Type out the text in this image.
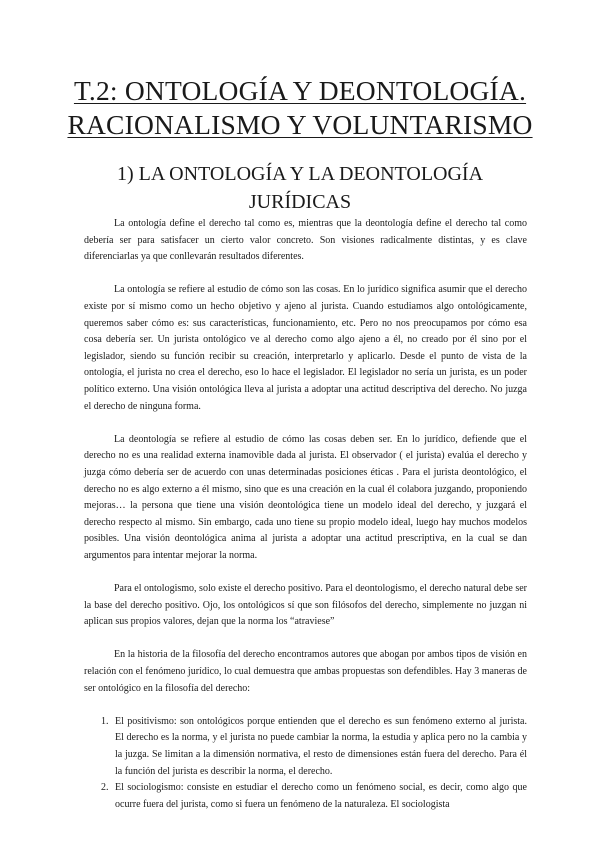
T.2: ONTOLOGÍA Y DEONTOLOGÍA.
RACIONALISMO Y VOLUNTARISMO
1) LA ONTOLOGÍA Y LA DEONTOLOGÍA
JURÍDICAS

La ontología define el derecho tal como es, mientras que la deontología define el derecho tal como debería ser para satisfacer un cierto valor concreto. Son visiones radicalmente distintas, y es clave diferenciarlas ya que conllevarán resultados diferentes.

La ontología se refiere al estudio de cómo son las cosas. En lo jurídico significa asumir que el derecho existe por sí mismo como un hecho objetivo y ajeno al jurista. Cuando estudiamos algo ontológicamente, queremos saber cómo es: sus características, funcionamiento, etc. Pero no nos preocupamos por cómo esa cosa debería ser. Un jurista ontológico ve al derecho como algo ajeno a él, no creado por él sino por el legislador, siendo su función recibir su creación, interpretarlo y aplicarlo. Desde el punto de vista de la ontología, el jurista no crea el derecho, eso lo hace el legislador. El legislador no sería un jurista, es un poder político externo. Una visión ontológica lleva al jurista a adoptar una actitud descriptiva del derecho. No juzga el derecho de ninguna forma.

La deontología se refiere al estudio de cómo las cosas deben ser. En lo jurídico, defiende que el derecho no es una realidad externa inamovible dada al jurista. El observador ( el jurista) evalúa el derecho y juzga cómo debería ser de acuerdo con unas determinadas posiciones éticas . Para el jurista deontológico, el derecho no es algo externo a él mismo, sino que es una creación en la cual él colabora juzgando, proponiendo mejoras… la persona que tiene una visión deontológica tiene un modelo ideal del derecho, y juzgará el derecho respecto al mismo. Sin embargo, cada uno tiene su propio modelo ideal, luego hay muchos modelos posibles. Una visión deontológica anima al jurista a adoptar una actitud prescriptiva, en la cual se dan argumentos para intentar mejorar la norma.

Para el ontologismo, solo existe el derecho positivo. Para el deontologismo, el derecho natural debe ser la base del derecho positivo. Ojo, los ontológicos sí que son filósofos del derecho, simplemente no juzgan ni aplican sus propios valores, dejan que la norma los “atraviese”

En la historia de la filosofía del derecho encontramos autores que abogan por ambos tipos de visión en relación con el fenómeno jurídico, lo cual demuestra que ambas propuestas son defendibles. Hay 3 maneras de ser ontológico en la filosofía del derecho:

1. El positivismo: son ontológicos porque entienden que el derecho es sun fenómeno externo al jurista. El derecho es la norma, y el jurista no puede cambiar la norma, la estudia y aplica pero no la cambia y la juzga. Se limitan a la dimensión normativa, el resto de dimensiones están fuera del derecho. Para él la función del jurista es describir la norma, el derecho.
2. El sociologismo: consiste en estudiar el derecho como un fenómeno social, es decir, como algo que ocurre fuera del jurista, como si fuera un fenómeno de la naturaleza. El sociologista
